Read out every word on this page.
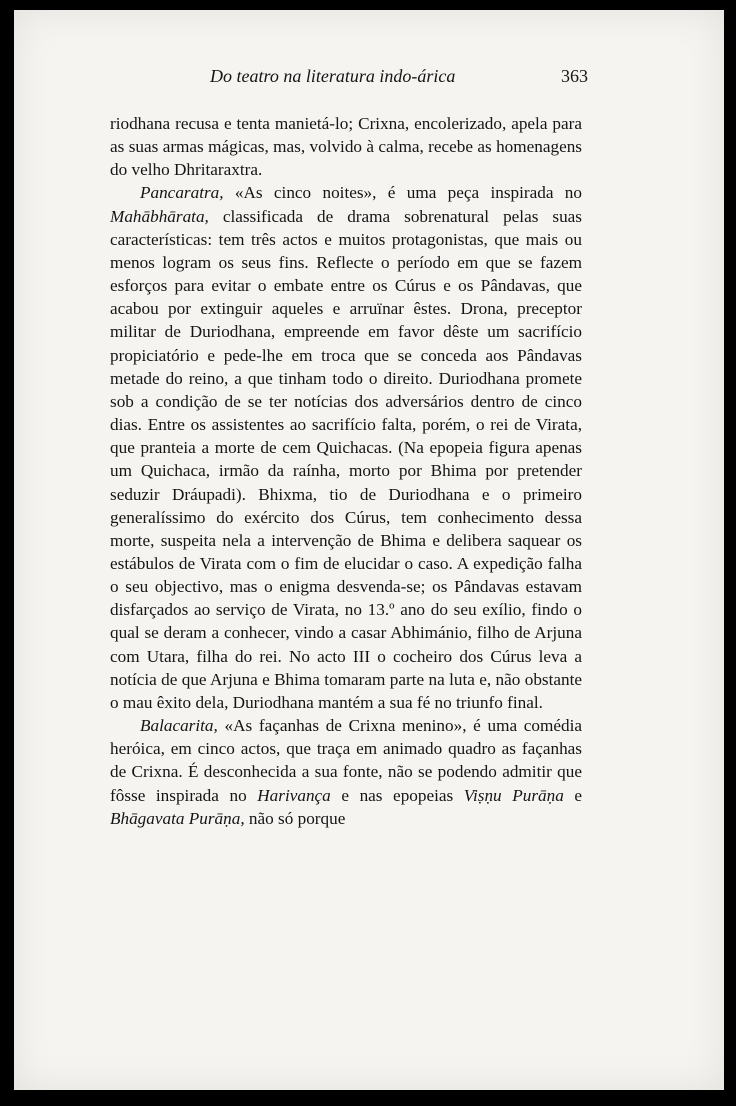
Do teatro na literatura indo-árica	363

riodhana recusa e tenta manietá-lo; Crixna, encolerizado, apela para as suas armas mágicas, mas, volvido à calma, recebe as homenagens do velho Dhritaraxtra.

Pancaratra, «As cinco noites», é uma peça inspirada no Mahābhārata, classificada de drama sobrenatural pelas suas características: tem três actos e muitos protagonistas, que mais ou menos logram os seus fins. Reflecte o período em que se fazem esforços para evitar o embate entre os Cúrus e os Pândavas, que acabou por extinguir aqueles e arruïnar êstes. Drona, preceptor militar de Duriodhana, empreende em favor dêste um sacrifício propiciatório e pede-lhe em troca que se conceda aos Pândavas metade do reino, a que tinham todo o direito. Duriodhana promete sob a condição de se ter notícias dos adversários dentro de cinco dias. Entre os assistentes ao sacrifício falta, porém, o rei de Virata, que pranteia a morte de cem Quichacas. (Na epopeia figura apenas um Quichaca, irmão da raínha, morto por Bhima por pretender seduzir Dráupadi). Bhixma, tio de Duriodhana e o primeiro generalíssimo do exército dos Cúrus, tem conhecimento dessa morte, suspeita nela a intervenção de Bhima e delibera saquear os estábulos de Virata com o fim de elucidar o caso. A expedição falha o seu objectivo, mas o enigma desvenda-se; os Pândavas estavam disfarçados ao serviço de Virata, no 13.º ano do seu exílio, findo o qual se deram a conhecer, vindo a casar Abhimánio, filho de Arjuna com Utara, filha do rei. No acto III o cocheiro dos Cúrus leva a notícia de que Arjuna e Bhima tomaram parte na luta e, não obstante o mau êxito dela, Duriodhana mantém a sua fé no triunfo final.

Balacarita, «As façanhas de Crixna menino», é uma comédia heróica, em cinco actos, que traça em animado quadro as façanhas de Crixna. É desconhecida a sua fonte, não se podendo admitir que fôsse inspirada no Harivança e nas epopeias Viṣṇu Purāṇa e Bhāgavata Purāṇa, não só porque
